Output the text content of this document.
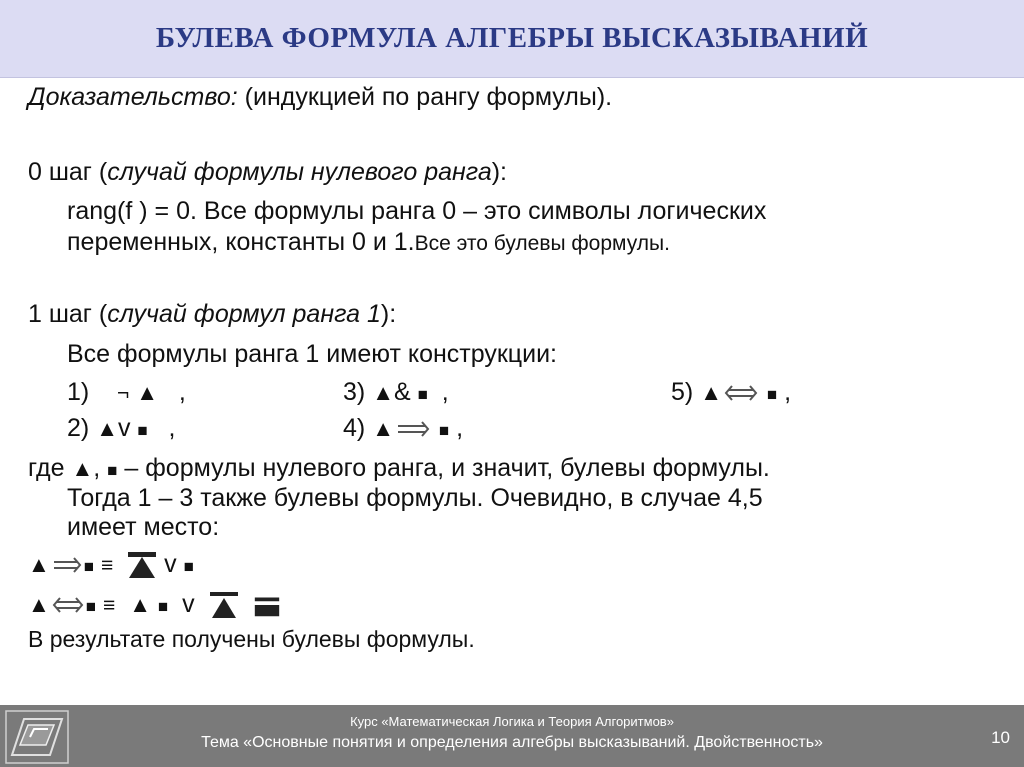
БУЛЕВА ФОРМУЛА АЛГЕБРЫ ВЫСКАЗЫВАНИЙ
Доказательство: (индукцией по рангу формулы).
0 шаг (случай формулы нулевого ранга):
rang(f ) = 0. Все формулы ранга 0 – это символы логических
переменных, константы 0 и 1.Все это булевы формулы.
1 шаг (случай формул ранга 1):
Все формулы ранга 1 имеют конструкции:
1) ¬ ▲ ,	3) ▲& ■ ,	5) ▲	■ ,
2) ▲v ■ ,	4) ▲	■ ,
где ▲, ■ – формулы нулевого ранга, и значит, булевы формулы.
Тогда 1 – 3 также булевы формулы. Очевидно, в случае 4,5
имеет место:
▲ ■ ≡ v ■
▲ ■ ≡ ▲ ■ v
В результате получены булевы формулы.
Курс «Математическая Логика и Теория Алгоритмов»
Тема «Основные понятия и определения алгебры высказываний. Двойственность»	10
